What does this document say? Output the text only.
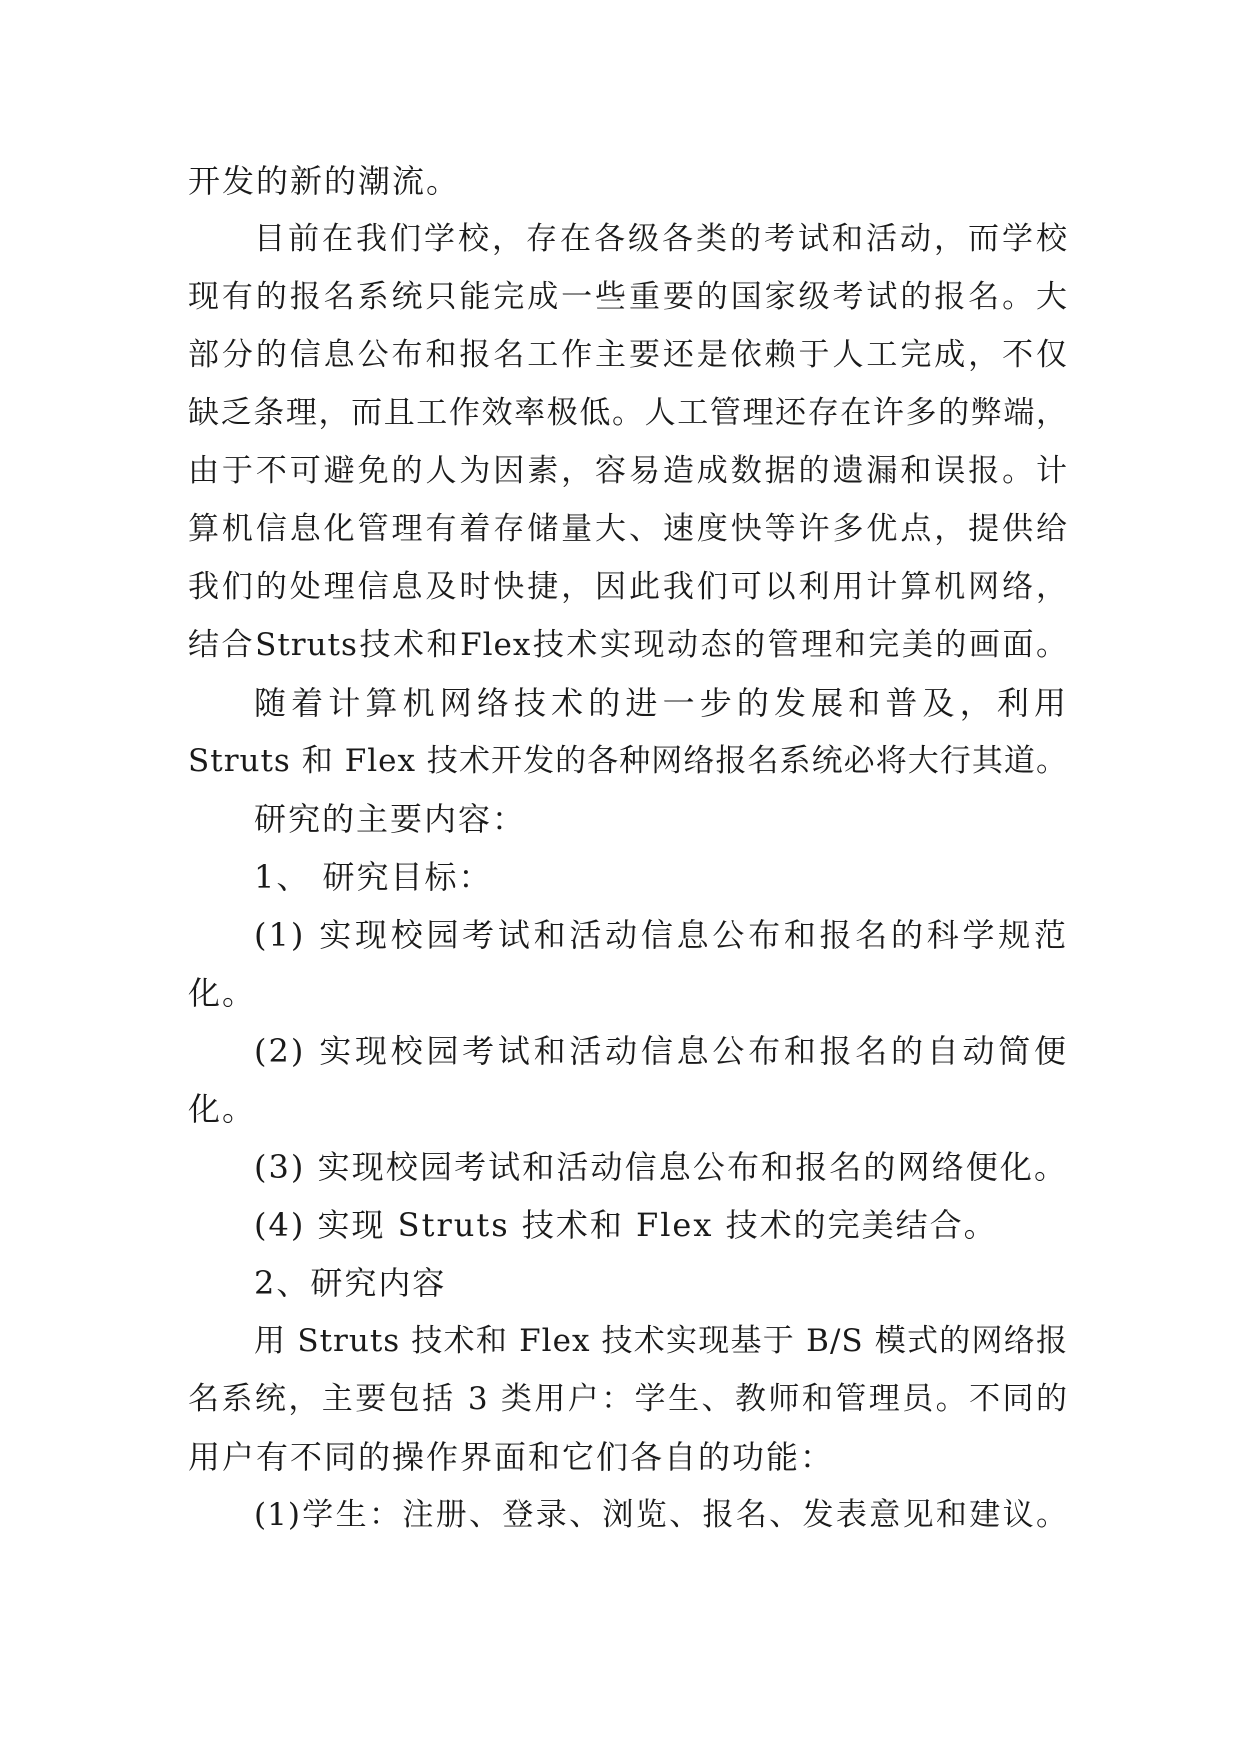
开发的新的潮流。
目前在我们学校，存在各级各类的考试和活动，而学校
现有的报名系统只能完成一些重要的国家级考试的报名。大
部分的信息公布和报名工作主要还是依赖于人工完成，不仅
缺乏条理，而且工作效率极低。人工管理还存在许多的弊端，
由于不可避免的人为因素，容易造成数据的遗漏和误报。计
算机信息化管理有着存储量大、速度快等许多优点，提供给
我们的处理信息及时快捷，因此我们可以利用计算机网络，
结合Struts技术和Flex技术实现动态的管理和完美的画面。
随着计算机网络技术的进一步的发展和普及，利用
Struts 和 Flex 技术开发的各种网络报名系统必将大行其道。
研究的主要内容：
1、 研究目标：
(1) 实现校园考试和活动信息公布和报名的科学规范
化。
(2) 实现校园考试和活动信息公布和报名的自动简便
化。
(3) 实现校园考试和活动信息公布和报名的网络便化。
(4) 实现 Struts 技术和 Flex 技术的完美结合。
2、研究内容
用 Struts 技术和 Flex 技术实现基于 B/S 模式的网络报
名系统，主要包括 3 类用户：学生、教师和管理员。不同的
用户有不同的操作界面和它们各自的功能：
(1)学生：注册、登录、浏览、报名、发表意见和建议。
